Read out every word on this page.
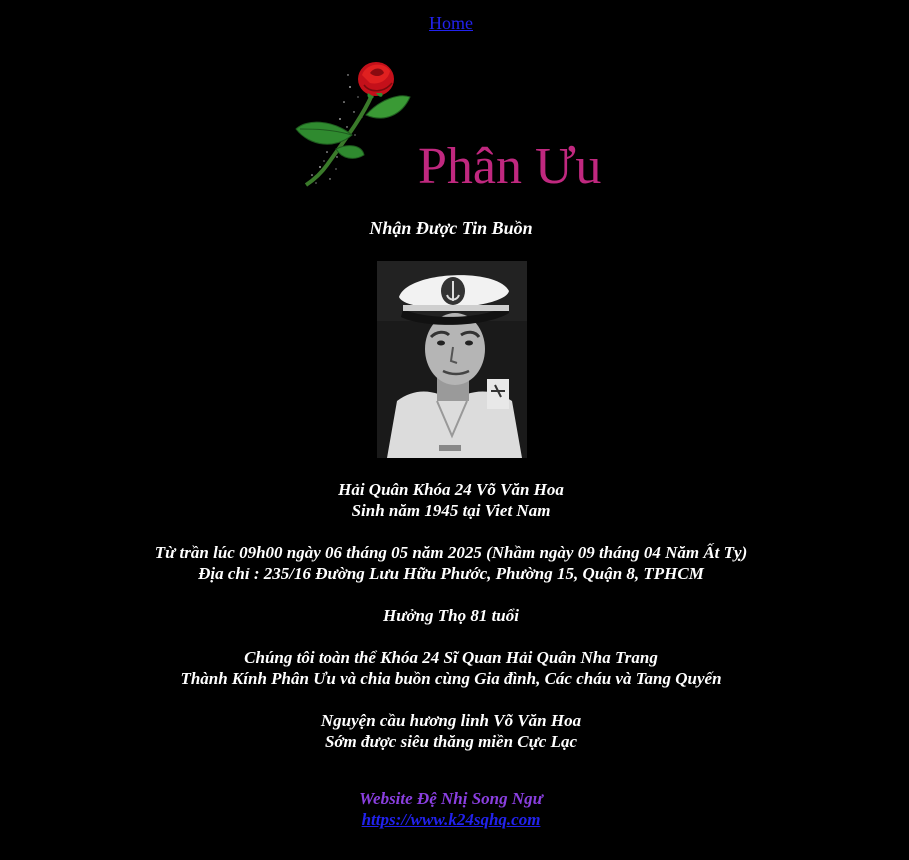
Home
Phân Ưu
Nhận Được Tin Buồn
Hải Quân Khóa 24 Võ Văn Hoa
Sinh năm 1945 tại Viet Nam
Từ trần lúc 09h00 ngày 06 tháng 05 năm 2025 (Nhầm ngày 09 tháng 04 Năm Ất Tỵ)
Địa chỉ : 235/16 Đường Lưu Hữu Phước, Phường 15, Quận 8, TPHCM
Hưởng Thọ 81 tuổi
Chúng tôi toàn thể Khóa 24 Sĩ Quan Hải Quân Nha Trang
Thành Kính Phân Ưu và chia buồn cùng Gia đình, Các cháu và Tang Quyến
Nguyện cầu hương linh Võ Văn Hoa
Sớm được siêu thăng miền Cực Lạc
Website Đệ Nhị Song Ngư
https://www.k24sqhq.com
